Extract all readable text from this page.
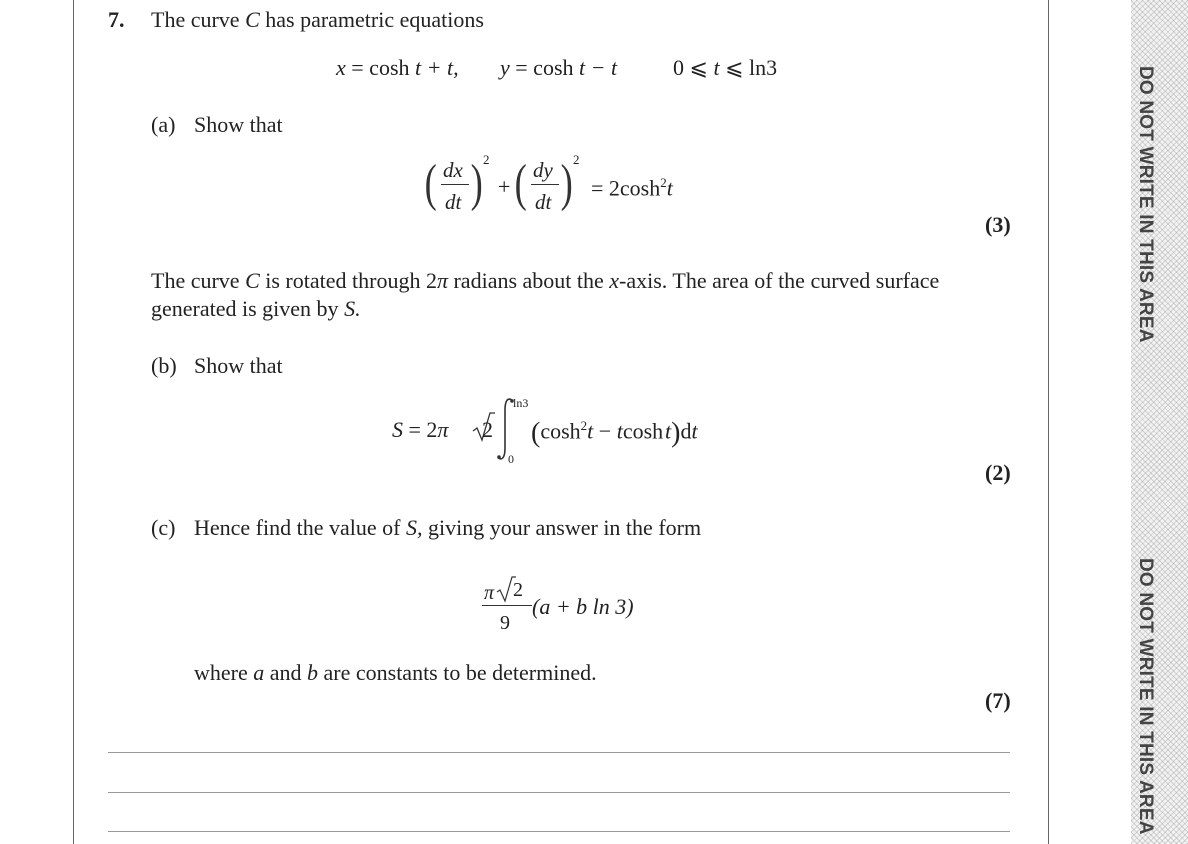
DO NOT WRITE IN THIS AREA
DO NOT WRITE IN THIS AREA
7. The curve C has parametric equations
x = cosh t + t, y = cosh t − t	0 ⩽ t ⩽ ln3
(a) Show that
( dx
dt ) 2
+ ( dy
dt ) 2
= $2\cosh^2t$
(3)
The curve C is rotated through 2π radians about the x-axis. The area of the curved surface
generated is given by S.
(b) Show that
S = 2π 2
ln3
0
($\cosh^2t - tcosh$ t)dt
(2)
(c) Hence find the value of S, giving your answer in the form
π 2
9
(a + b ln 3)
where a and b are constants to be determined.
(7)
